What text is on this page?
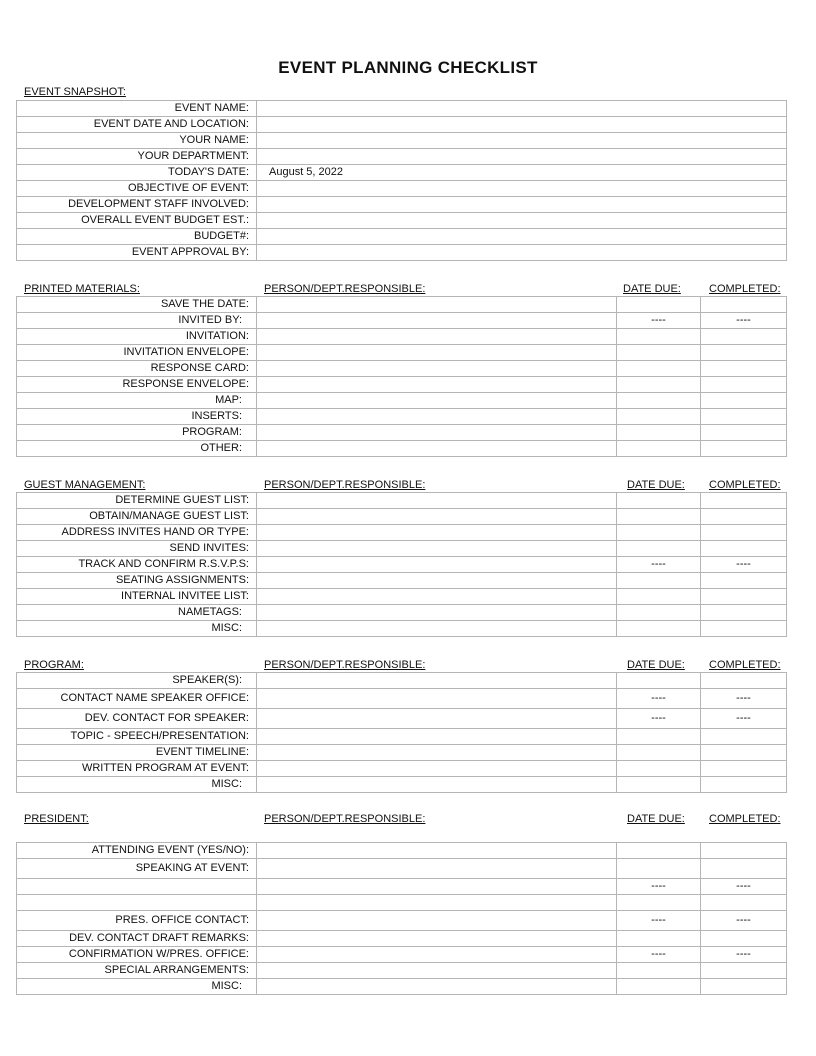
EVENT PLANNING CHECKLIST
EVENT SNAPSHOT:
EVENT NAME:	
EVENT DATE AND LOCATION:	
YOUR NAME:	
YOUR DEPARTMENT:	
TODAY'S DATE:	August 5, 2022
OBJECTIVE OF EVENT:	
DEVELOPMENT STAFF INVOLVED:	
OVERALL EVENT BUDGET EST.:	
BUDGET#:	
EVENT APPROVAL BY:	
PRINTED MATERIALS:	PERSON/DEPT.RESPONSIBLE:	DATE DUE:	COMPLETED:
SAVE THE DATE:			
INVITED BY:		----	----
INVITATION:			
INVITATION ENVELOPE:			
RESPONSE CARD:			
RESPONSE ENVELOPE:			
MAP:			
INSERTS:			
PROGRAM:			
OTHER:			
GUEST MANAGEMENT:	PERSON/DEPT.RESPONSIBLE:	DATE DUE: COMPLETED:
DETERMINE GUEST LIST:			
OBTAIN/MANAGE GUEST LIST:			
ADDRESS INVITES HAND OR TYPE:			
SEND INVITES:			
TRACK AND CONFIRM R.S.V.P.S:		----	----
SEATING ASSIGNMENTS:			
INTERNAL INVITEE LIST:			
NAMETAGS:			
MISC:			
PROGRAM:	PERSON/DEPT.RESPONSIBLE:	DATE DUE: COMPLETED:
SPEAKER(S):			
CONTACT NAME SPEAKER OFFICE:		----	----
DEV. CONTACT FOR SPEAKER:		----	----
TOPIC - SPEECH/PRESENTATION:			
EVENT TIMELINE:			
WRITTEN PROGRAM AT EVENT:			
MISC:			
PRESIDENT:	PERSON/DEPT.RESPONSIBLE:	DATE DUE: COMPLETED:
ATTENDING EVENT (YES/NO):			
SPEAKING AT EVENT:			
		----	----

PRES. OFFICE CONTACT:		----	----
DEV. CONTACT DRAFT REMARKS:			
CONFIRMATION W/PRES. OFFICE:		----	----
SPECIAL ARRANGEMENTS:			
MISC:			
